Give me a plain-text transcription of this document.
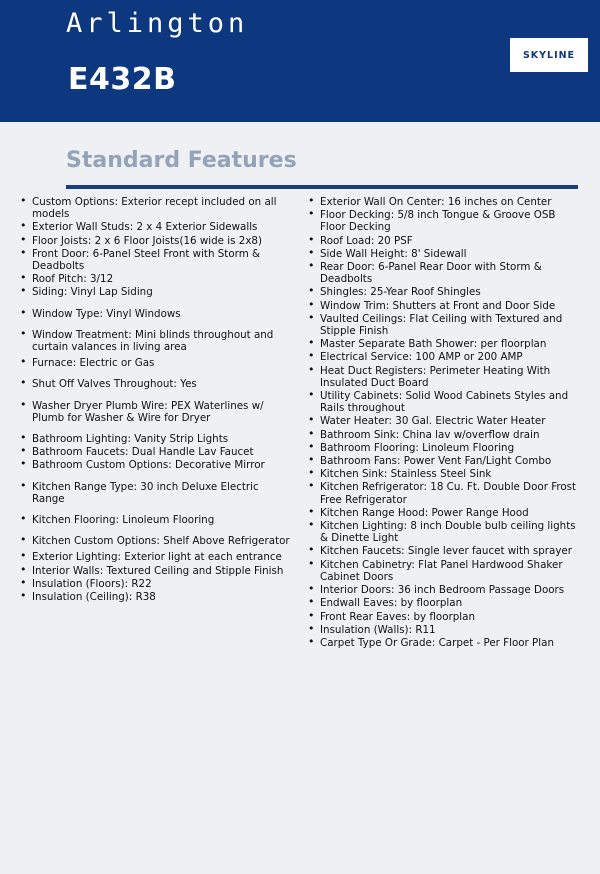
Arlington
E432B
SKYLINE
Standard Features
• Custom Options: Exterior recept included on all models
• Exterior Wall Studs: 2 x 4 Exterior Sidewalls
• Floor Joists: 2 x 6 Floor Joists(16 wide is 2x8)
• Front Door: 6-Panel Steel Front with Storm & Deadbolts
• Roof Pitch: 3/12
• Siding: Vinyl Lap Siding
• Window Type: Vinyl Windows
• Window Treatment: Mini blinds throughout and curtain valances in living area
• Furnace: Electric or Gas
• Shut Off Valves Throughout: Yes
• Washer Dryer Plumb Wire: PEX Waterlines w/ Plumb for Washer & Wire for Dryer
• Bathroom Lighting: Vanity Strip Lights
• Bathroom Faucets: Dual Handle Lav Faucet
• Bathroom Custom Options: Decorative Mirror
• Kitchen Range Type: 30 inch Deluxe Electric Range
• Kitchen Flooring: Linoleum Flooring
• Kitchen Custom Options: Shelf Above Refrigerator
• Exterior Lighting: Exterior light at each entrance
• Interior Walls: Textured Ceiling and Stipple Finish
• Insulation (Floors): R22
• Insulation (Ceiling): R38
• Exterior Wall On Center: 16 inches on Center
• Floor Decking: 5/8 inch Tongue & Groove OSB Floor Decking
• Roof Load: 20 PSF
• Side Wall Height: 8' Sidewall
• Rear Door: 6-Panel Rear Door with Storm & Deadbolts
• Shingles: 25-Year Roof Shingles
• Window Trim: Shutters at Front and Door Side
• Vaulted Ceilings: Flat Ceiling with Textured and Stipple Finish
• Master Separate Bath Shower: per floorplan
• Electrical Service: 100 AMP or 200 AMP
• Heat Duct Registers: Perimeter Heating With Insulated Duct Board
• Utility Cabinets: Solid Wood Cabinets Styles and Rails throughout
• Water Heater: 30 Gal. Electric Water Heater
• Bathroom Sink: China lav w/overflow drain
• Bathroom Flooring: Linoleum Flooring
• Bathroom Fans: Power Vent Fan/Light Combo
• Kitchen Sink: Stainless Steel Sink
• Kitchen Refrigerator: 18 Cu. Ft. Double Door Frost Free Refrigerator
• Kitchen Range Hood: Power Range Hood
• Kitchen Lighting: 8 inch Double bulb ceiling lights & Dinette Light
• Kitchen Faucets: Single lever faucet with sprayer
• Kitchen Cabinetry: Flat Panel Hardwood Shaker Cabinet Doors
• Interior Doors: 36 inch Bedroom Passage Doors
• Endwall Eaves: by floorplan
• Front Rear Eaves: by floorplan
• Insulation (Walls): R11
• Carpet Type Or Grade: Carpet - Per Floor Plan
